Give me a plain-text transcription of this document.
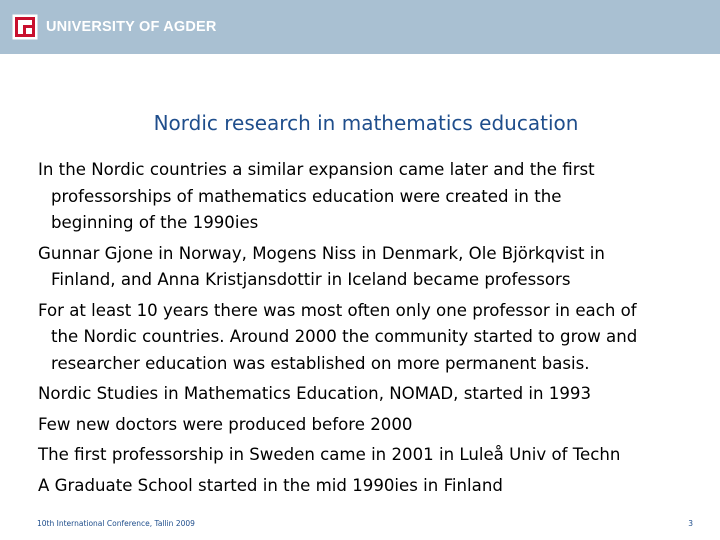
UNIVERSITY OF AGDER
Nordic research in mathematics education
In the Nordic countries a similar expansion came later and the first
professorships of mathematics education were created in the
beginning of the 1990ies
Gunnar Gjone in Norway, Mogens Niss in Denmark, Ole Björkqvist in
Finland, and Anna Kristjansdottir in Iceland became professors
For at least 10 years there was most often only one professor in each of
the Nordic countries. Around 2000 the community started to grow and
researcher education was established on more permanent basis.
Nordic Studies in Mathematics Education, NOMAD, started in 1993
Few new doctors were produced before 2000
The first professorship in Sweden came in 2001 in Luleå Univ of Techn
A Graduate School started in the mid 1990ies in Finland
10th International Conference, Tallin 2009	3
